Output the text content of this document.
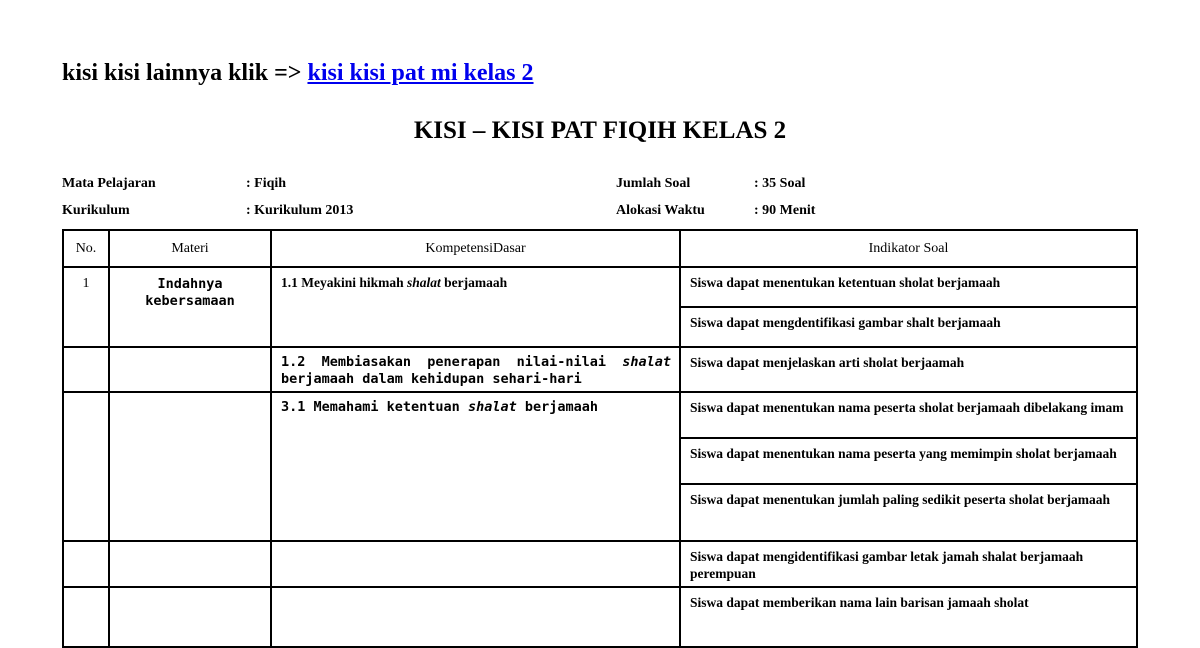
kisi kisi lainnya klik => kisi kisi pat mi kelas 2
KISI – KISI PAT FIQIH KELAS 2
Mata Pelajaran	: Fiqih	Jumlah Soal	: 35 Soal
Kurikulum	: Kurikulum 2013	Alokasi Waktu	: 90 Menit
No.	Materi	KompetensiDasar	Indikator Soal
1	Indahnya kebersamaan	1.1 Meyakini hikmah shalat berjamaah	Siswa dapat menentukan ketentuan sholat berjamaah
			Siswa dapat mengdentifikasi gambar shalt berjamaah
		1.2 Membiasakan penerapan nilai-nilai shalat berjamaah dalam kehidupan sehari-hari	Siswa dapat menjelaskan arti sholat berjaamah
		3.1 Memahami ketentuan shalat berjamaah	Siswa dapat menentukan nama peserta sholat berjamaah dibelakang imam
			Siswa dapat menentukan nama peserta yang memimpin sholat berjamaah
			Siswa dapat menentukan jumlah paling sedikit peserta sholat berjamaah
			Siswa dapat mengidentifikasi gambar letak jamah shalat berjamaah perempuan
			Siswa dapat memberikan nama lain barisan jamaah sholat
